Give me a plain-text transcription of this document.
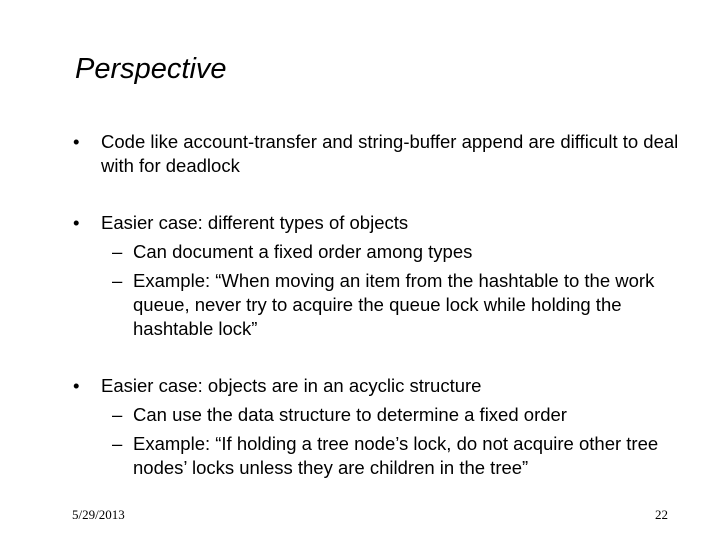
Perspective
• Code like account-transfer and string-buffer append are difficult to deal with for deadlock
• Easier case: different types of objects
– Can document a fixed order among types
– Example: “When moving an item from the hashtable to the work queue, never try to acquire the queue lock while holding the hashtable lock”
• Easier case: objects are in an acyclic structure
– Can use the data structure to determine a fixed order
– Example: “If holding a tree node’s lock, do not acquire other tree nodes’ locks unless they are children in the tree”
5/29/2013	22
